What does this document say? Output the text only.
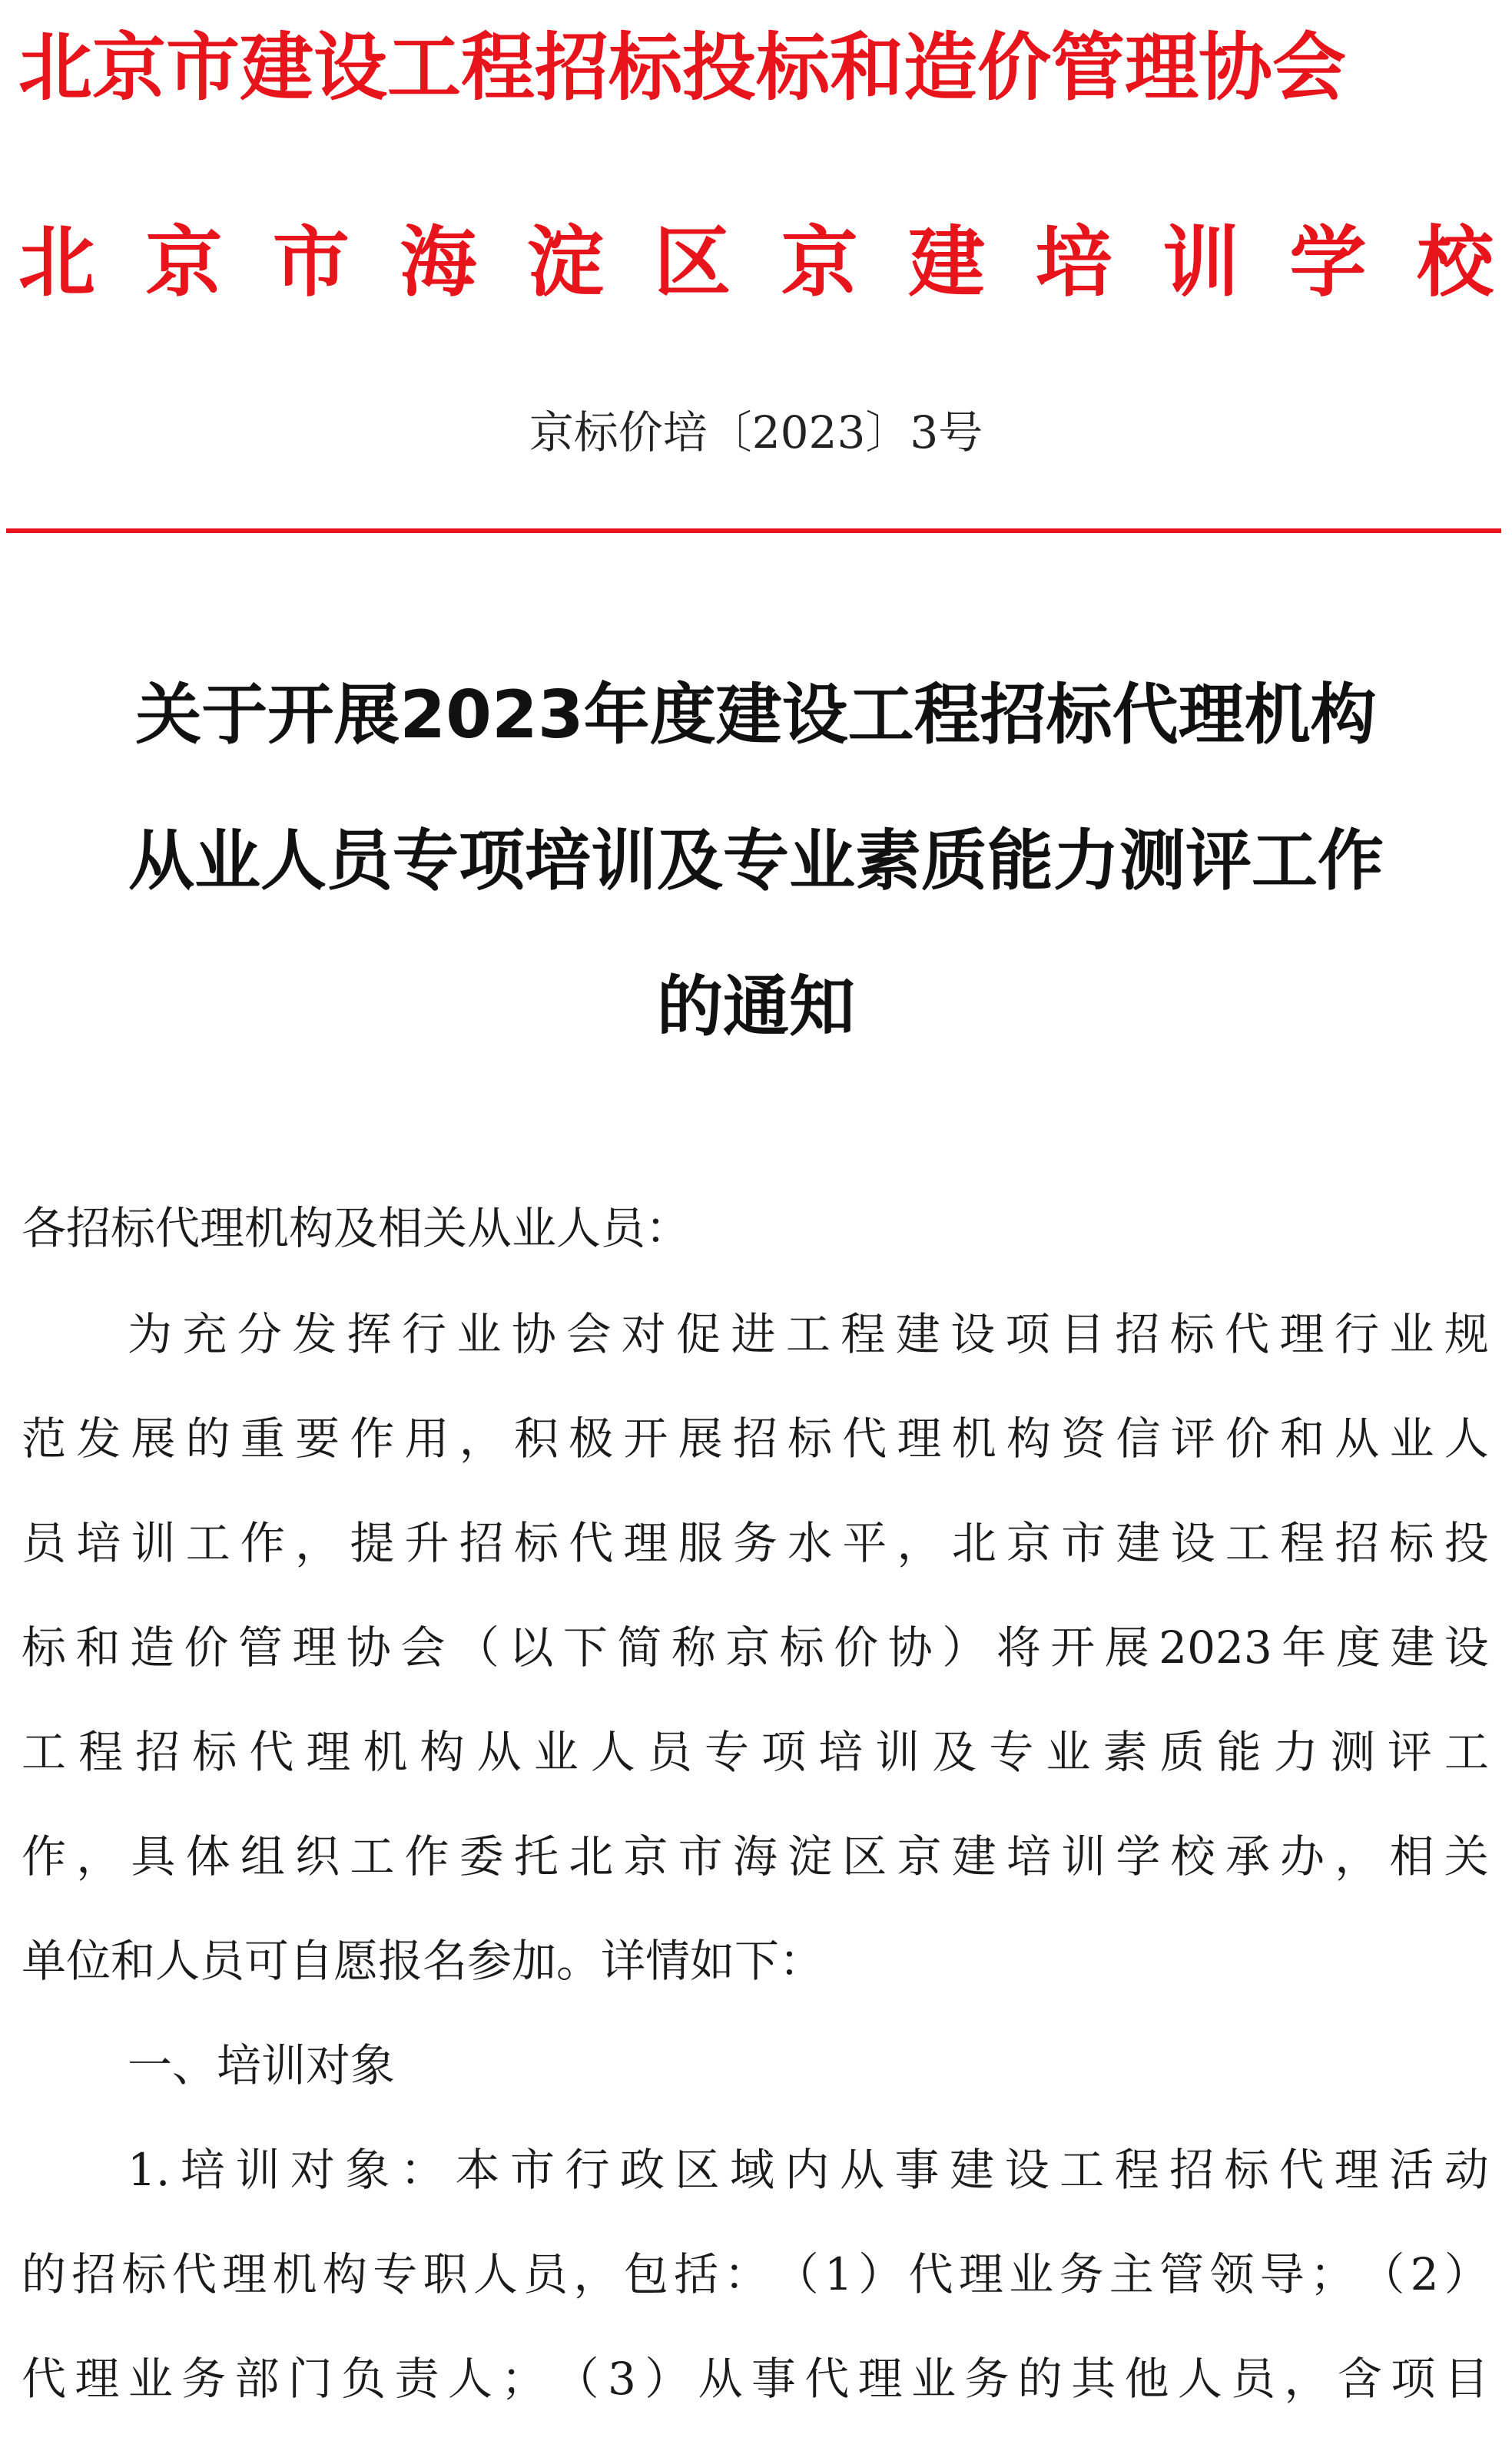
北京市建设工程招标投标和造价管理协会
北 京 市 海 淀 区 京 建 培 训 学 校
京标价培〔2023〕3号
关于开展2023年度建设工程招标代理机构
从业人员专项培训及专业素质能力测评工作
的通知
各招标代理机构及相关从业人员：
为 充 分 发 挥 行 业 协 会 对 促 进 工 程 建 设 项 目 招 标 代 理 行 业 规
范 发 展 的 重 要 作 用 ， 积 极 开 展 招 标 代 理 机 构 资 信 评 价 和 从 业 人
员 培 训 工 作 ， 提 升 招 标 代 理 服 务 水 平 ， 北 京 市 建 设 工 程 招 标 投
标 和 造 价 管 理 协 会 （ 以 下 简 称 京 标 价 协 ） 将 开 展 2023 年 度 建 设
工 程 招 标 代 理 机 构 从 业 人 员 专 项 培 训 及 专 业 素 质 能 力 测 评 工
作 ， 具 体 组 织 工 作 委 托 北 京 市 海 淀 区 京 建 培 训 学 校 承 办 ， 相 关
单位和人员可自愿报名参加。详情如下：
一、培训对象
1. 培 训 对 象 ： 本 市 行 政 区 域 内 从 事 建 设 工 程 招 标 代 理 活 动
的 招 标 代 理 机 构 专 职 人 员 ， 包 括 ： （ 1 ） 代 理 业 务 主 管 领 导 ； （ 2 ）
代 理 业 务 部 门 负 责 人 ； （ 3 ） 从 事 代 理 业 务 的 其 他 人 员 ， 含 项 目
